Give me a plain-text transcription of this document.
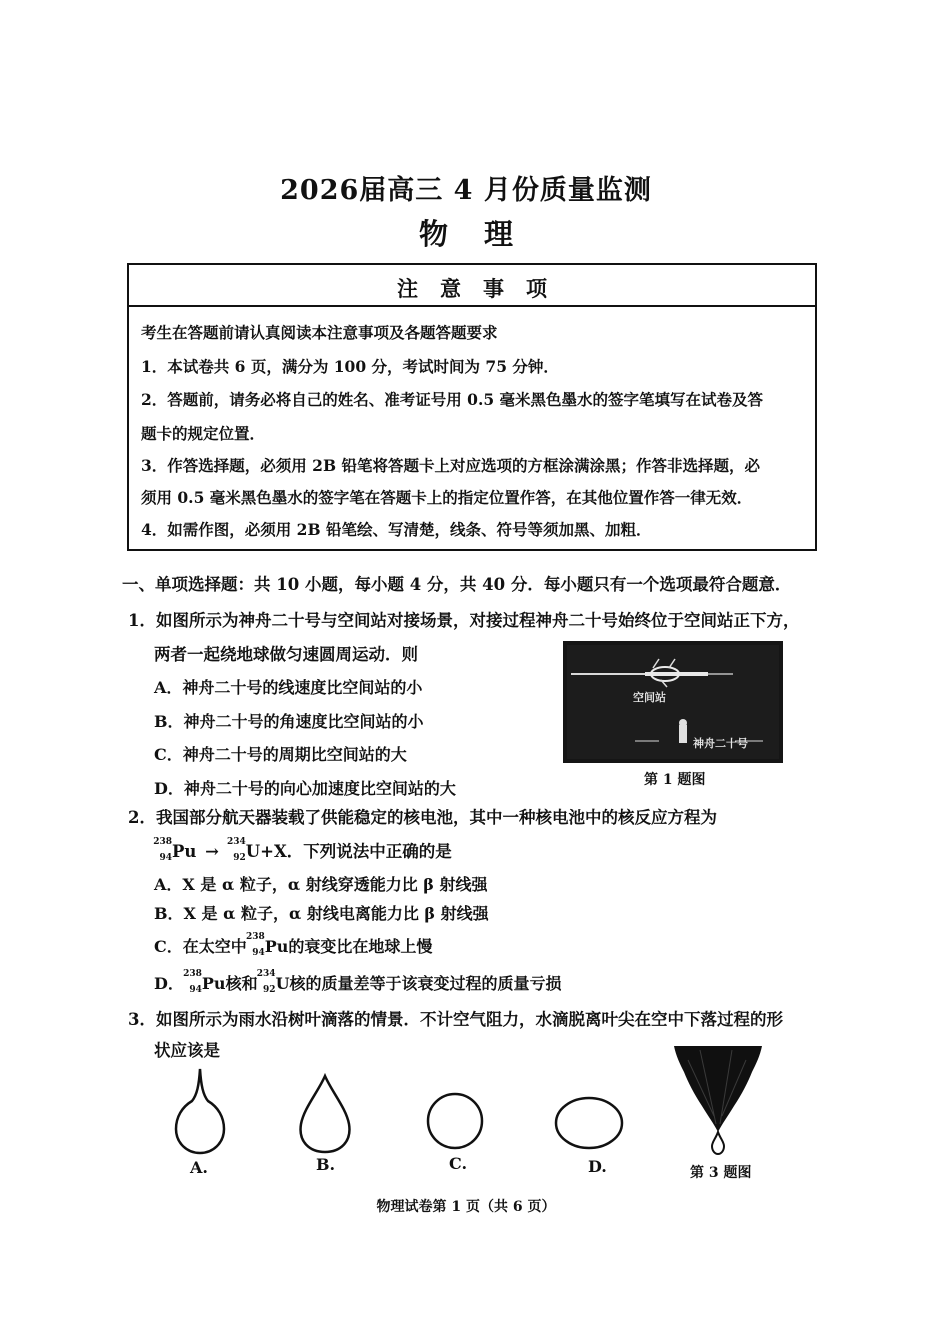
2026届高三 4 月份质量监测
物理
注意事项
考生在答题前请认真阅读本注意事项及各题答题要求
1．本试卷共 6 页，满分为 100 分，考试时间为 75 分钟．
2．答题前，请务必将自己的姓名、准考证号用 0.5 毫米黑色墨水的签字笔填写在试卷及答
题卡的规定位置．
3．作答选择题，必须用 2B 铅笔将答题卡上对应选项的方框涂满涂黑；作答非选择题，必
须用 0.5 毫米黑色墨水的签字笔在答题卡上的指定位置作答，在其他位置作答一律无效．
4．如需作图，必须用 2B 铅笔绘、写清楚，线条、符号等须加黑、加粗．
一、单项选择题：共 10 小题，每小题 4 分，共 40 分．每小题只有一个选项最符合题意．
1．如图所示为神舟二十号与空间站对接场景，对接过程神舟二十号始终位于空间站正下方，
两者一起绕地球做匀速圆周运动．则
A．神舟二十号的线速度比空间站的小
B．神舟二十号的角速度比空间站的小
C．神舟二十号的周期比空间站的大
D．神舟二十号的向心加速度比空间站的大
空间站
神舟二十号
第 1 题图
2．我国部分航天器装载了供能稳定的核电池，其中一种核电池中的核反应方程为
238
94 Pu → 234
92 U+X．下列说法中正确的是
A．X 是 α 粒子，α 射线穿透能力比 β 射线强
B．X 是 α 粒子，α 射线电离能力比 β 射线强
C．在太空中 238
94 Pu的衰变比在地球上慢
D． 238
94 Pu核和 234
92 U核的质量差等于该衰变过程的质量亏损
3．如图所示为雨水沿树叶滴落的情景．不计空气阻力，水滴脱离叶尖在空中下落过程的形
状应该是
A.	B.	C.	D.	第 3 题图
物理试卷第 1 页（共 6 页）
